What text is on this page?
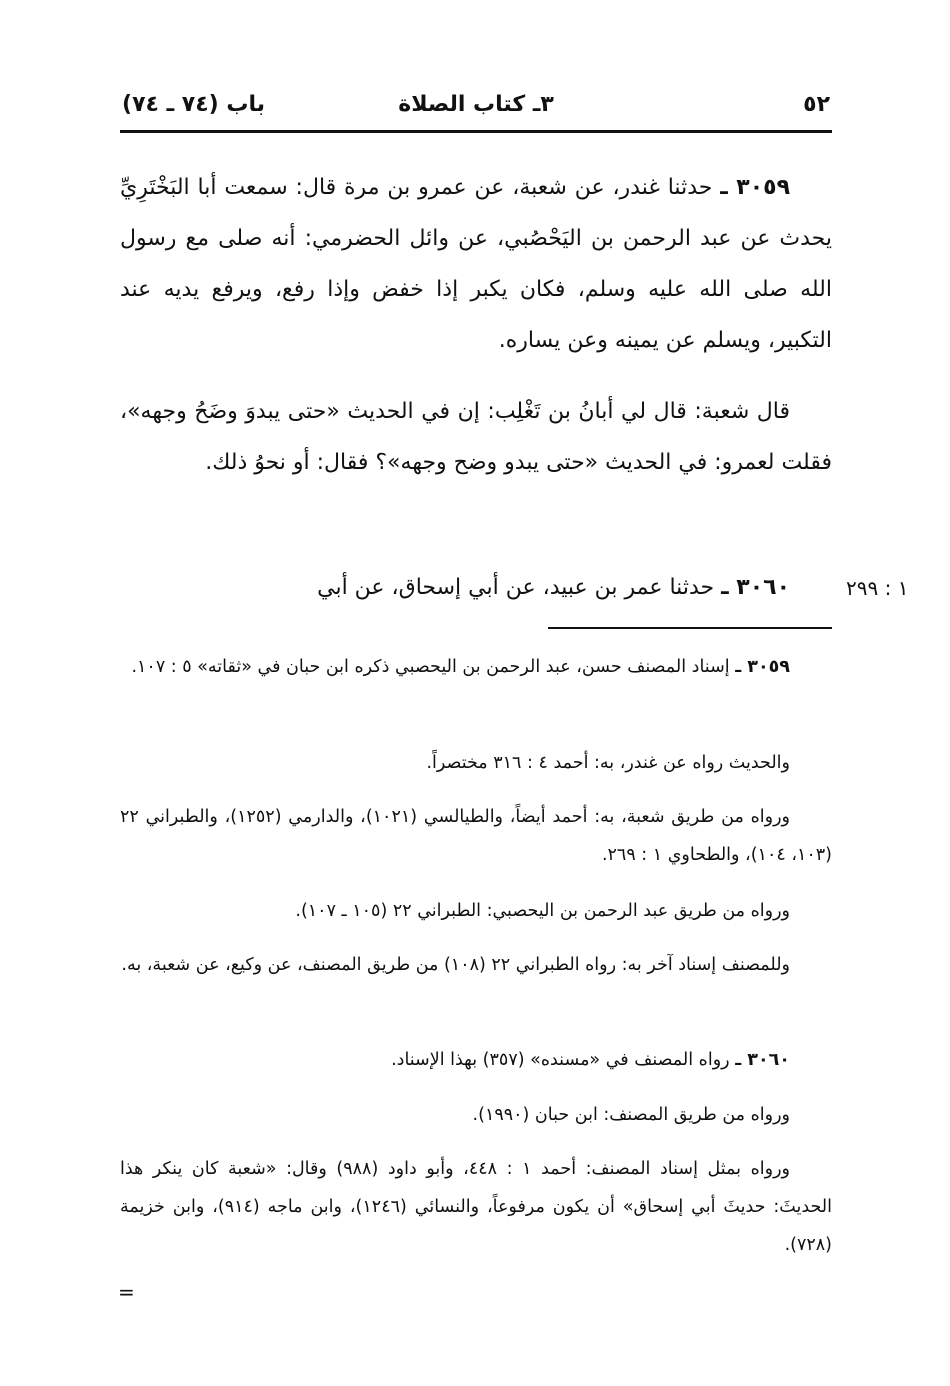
٥٢
٣ـ كتاب الصلاة
باب (٧٤ ـ ٧٤)

٣٠٥٩ ـ حدثنا غندر، عن شعبة، عن عمرو بن مرة قال: سمعت أبا البَخْتَرِيِّ يحدث عن عبد الرحمن بن اليَحْصُبي، عن وائل الحضرمي: أنه صلى مع رسول الله صلى الله عليه وسلم، فكان يكبر إذا خفض وإذا رفع، ويرفع يديه عند التكبير، ويسلم عن يمينه وعن يساره.

قال شعبة: قال لي أبانُ بن تَغْلِب: إن في الحديث «حتى يبدوَ وضَحُ وجهه»، فقلت لعمرو: في الحديث «حتى يبدو وضح وجهه»؟ فقال: أو نحوُ ذلك.

٣٠٦٠ ـ حدثنا عمر بن عبيد، عن أبي إسحاق، عن أبي	١ : ٢٩٩

٣٠٥٩ ـ إسناد المصنف حسن، عبد الرحمن بن اليحصبي ذكره ابن حبان في «ثقاته» ٥ : ١٠٧.

والحديث رواه عن غندر، به: أحمد ٤ : ٣١٦ مختصراً.

ورواه من طريق شعبة، به: أحمد أيضاً، والطيالسي (١٠٢١)، والدارمي (١٢٥٢)، والطبراني ٢٢ (١٠٣، ١٠٤)، والطحاوي ١ : ٢٦٩.

ورواه من طريق عبد الرحمن بن اليحصبي: الطبراني ٢٢ (١٠٥ ـ ١٠٧).

وللمصنف إسناد آخر به: رواه الطبراني ٢٢ (١٠٨) من طريق المصنف، عن وكيع، عن شعبة، به.

٣٠٦٠ ـ رواه المصنف في «مسنده» (٣٥٧) بهذا الإسناد.

ورواه من طريق المصنف: ابن حبان (١٩٩٠).

ورواه بمثل إسناد المصنف: أحمد ١ : ٤٤٨، وأبو داود (٩٨٨) وقال: «شعبة كان ينكر هذا الحديثَ: حديثَ أبي إسحاق» أن يكون مرفوعاً، والنسائي (١٢٤٦)، وابن ماجه (٩١٤)، وابن خزيمة (٧٢٨).

=
